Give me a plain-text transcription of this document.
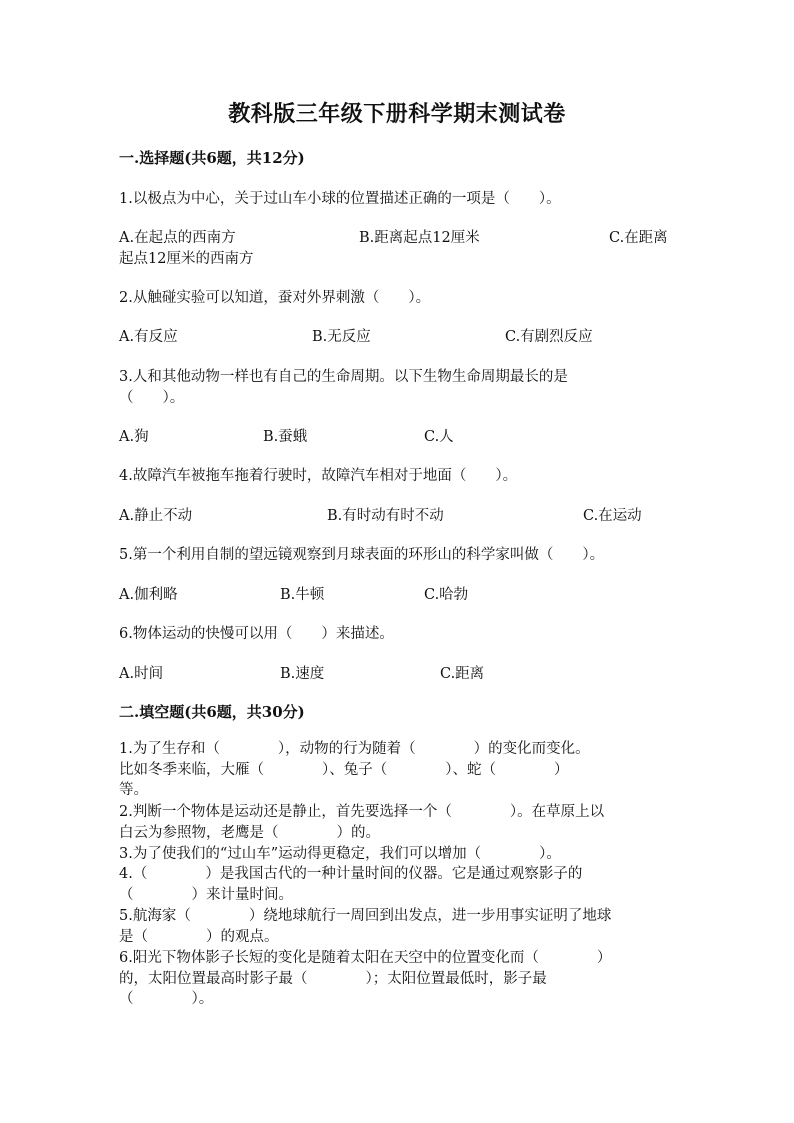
教科版三年级下册科学期末测试卷
一.选择题(共6题，共12分)
1.以极点为中心，关于过山车小球的位置描述正确的一项是（　　）。
A.在起点的西南方	B.距离起点12厘米	C.在距离
起点12厘米的西南方
2.从触碰实验可以知道，蚕对外界刺激（　　）。
A.有反应	B.无反应	C.有剧烈反应
3.人和其他动物一样也有自己的生命周期。以下生物生命周期最长的是
（　　）。
A.狗	B.蚕蛾	C.人
4.故障汽车被拖车拖着行驶时，故障汽车相对于地面（　　）。
A.静止不动	B.有时动有时不动	C.在运动
5.第一个利用自制的望远镜观察到月球表面的环形山的科学家叫做（　　）。
A.伽利略	B.牛顿	C.哈勃
6.物体运动的快慢可以用（　　）来描述。
A.时间	B.速度	C.距离
二.填空题(共6题，共30分)
1.为了生存和（　　　　），动物的行为随着（　　　　）的变化而变化。
比如冬季来临，大雁（　　　　）、兔子（　　　　）、蛇（　　　　）
等。
2.判断一个物体是运动还是静止，首先要选择一个（　　　　）。在草原上以
白云为参照物，老鹰是（　　　　）的。
3.为了使我们的“过山车”运动得更稳定，我们可以增加（　　　　）。
4.（　　　　）是我国古代的一种计量时间的仪器。它是通过观察影子的
（　　　　）来计量时间。
5.航海家（　　　　）绕地球航行一周回到出发点，进一步用事实证明了地球
是（　　　　）的观点。
6.阳光下物体影子长短的变化是随着太阳在天空中的位置变化而（　　　　）
的，太阳位置最高时影子最（　　　　）；太阳位置最低时，影子最
（　　　　）。
